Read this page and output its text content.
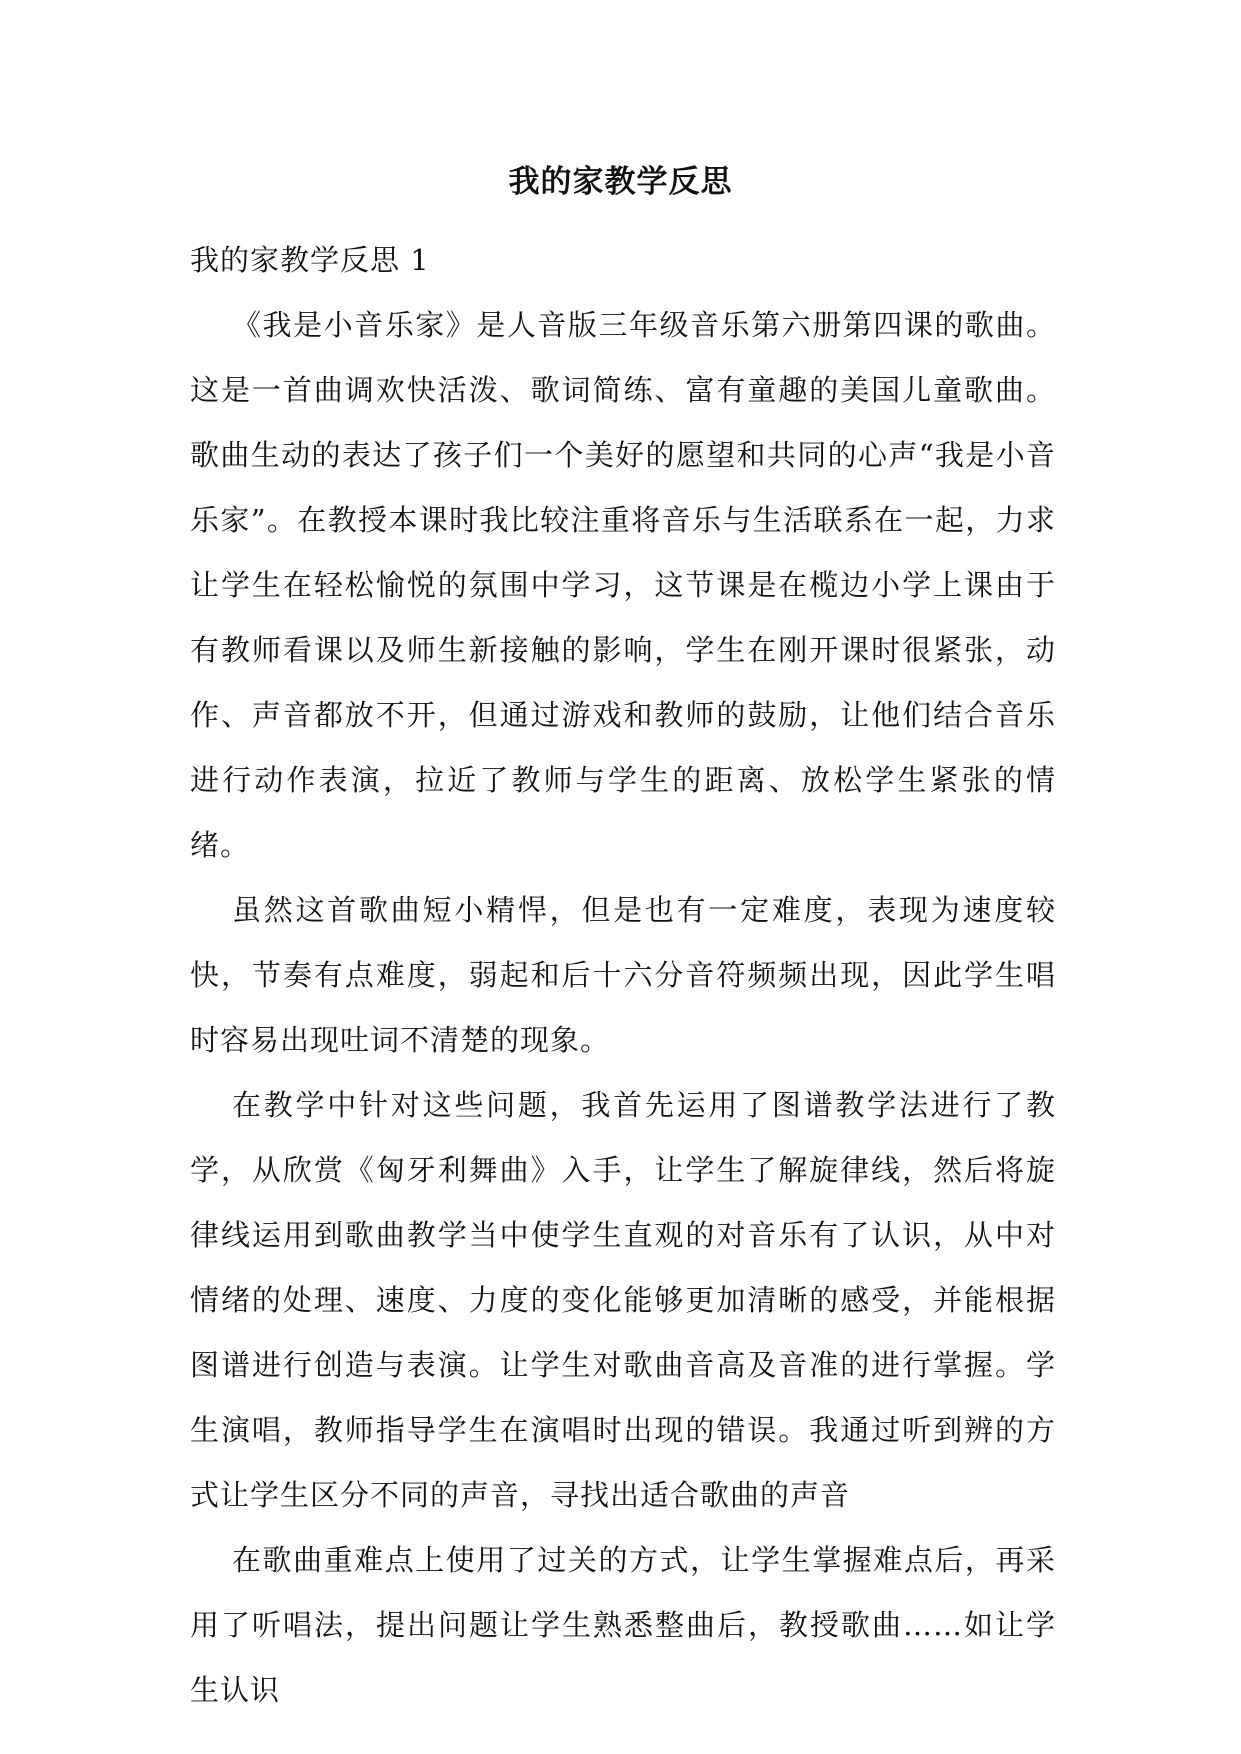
我的家教学反思

我的家教学反思 1

《我是小音乐家》是人音版三年级音乐第六册第四课的歌曲。这是一首曲调欢快活泼、歌词简练、富有童趣的美国儿童歌曲。歌曲生动的表达了孩子们一个美好的愿望和共同的心声“我是小音乐家”。在教授本课时我比较注重将音乐与生活联系在一起，力求让学生在轻松愉悦的氛围中学习，这节课是在榄边小学上课由于有教师看课以及师生新接触的影响，学生在刚开课时很紧张，动作、声音都放不开，但通过游戏和教师的鼓励，让他们结合音乐进行动作表演，拉近了教师与学生的距离、放松学生紧张的情绪。

虽然这首歌曲短小精悍，但是也有一定难度，表现为速度较快，节奏有点难度，弱起和后十六分音符频频出现，因此学生唱时容易出现吐词不清楚的现象。

在教学中针对这些问题，我首先运用了图谱教学法进行了教学，从欣赏《匈牙利舞曲》入手，让学生了解旋律线，然后将旋律线运用到歌曲教学当中使学生直观的对音乐有了认识，从中对情绪的处理、速度、力度的变化能够更加清晰的感受，并能根据图谱进行创造与表演。让学生对歌曲音高及音准的进行掌握。学生演唱，教师指导学生在演唱时出现的错误。我通过听到辨的方式让学生区分不同的声音，寻找出适合歌曲的声音

在歌曲重难点上使用了过关的方式，让学生掌握难点后，再采用了听唱法，提出问题让学生熟悉整曲后，教授歌曲……如让学生认识
